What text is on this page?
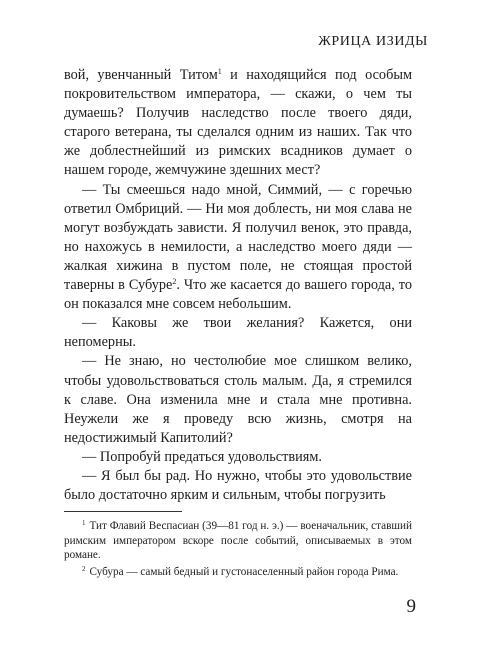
ЖРИЦА ИЗИДЫ

вой, увенчанный Титом$^1$ и находящийся под особым покровительством императора, — скажи, о чем ты думаешь? Получив наследство после твоего дяди, старого ветерана, ты сделался одним из наших. Так что же доблестнейший из римских всадников думает о нашем городе, жемчужине здешних мест?

— Ты смеешься надо мной, Симмий, — с горечью ответил Омбриций. — Ни моя доблесть, ни моя слава не могут возбуждать зависти. Я получил венок, это правда, но нахожусь в немилости, а наследство моего дяди — жалкая хижина в пустом поле, не стоящая простой таверны в Субуре$^2$. Что же касается до вашего города, то он показался мне совсем небольшим.

— Каковы же твои желания? Кажется, они непомерны.

— Не знаю, но честолюбие мое слишком велико, чтобы удовольствоваться столь малым. Да, я стремился к славе. Она изменила мне и стала мне противна. Неужели же я проведу всю жизнь, смотря на недостижимый Капитолий?

— Попробуй предаться удовольствиям.

— Я был бы рад. Но нужно, чтобы это удовольствие было достаточно ярким и сильным, чтобы погрузить

$^1$ Тит Флавий Веспасиан (39—81 год н. э.) — военачальник, ставший римским императором вскоре после событий, описываемых в этом романе.

$^2$ Субура — самый бедный и густонаселенный район города Рима.

9
